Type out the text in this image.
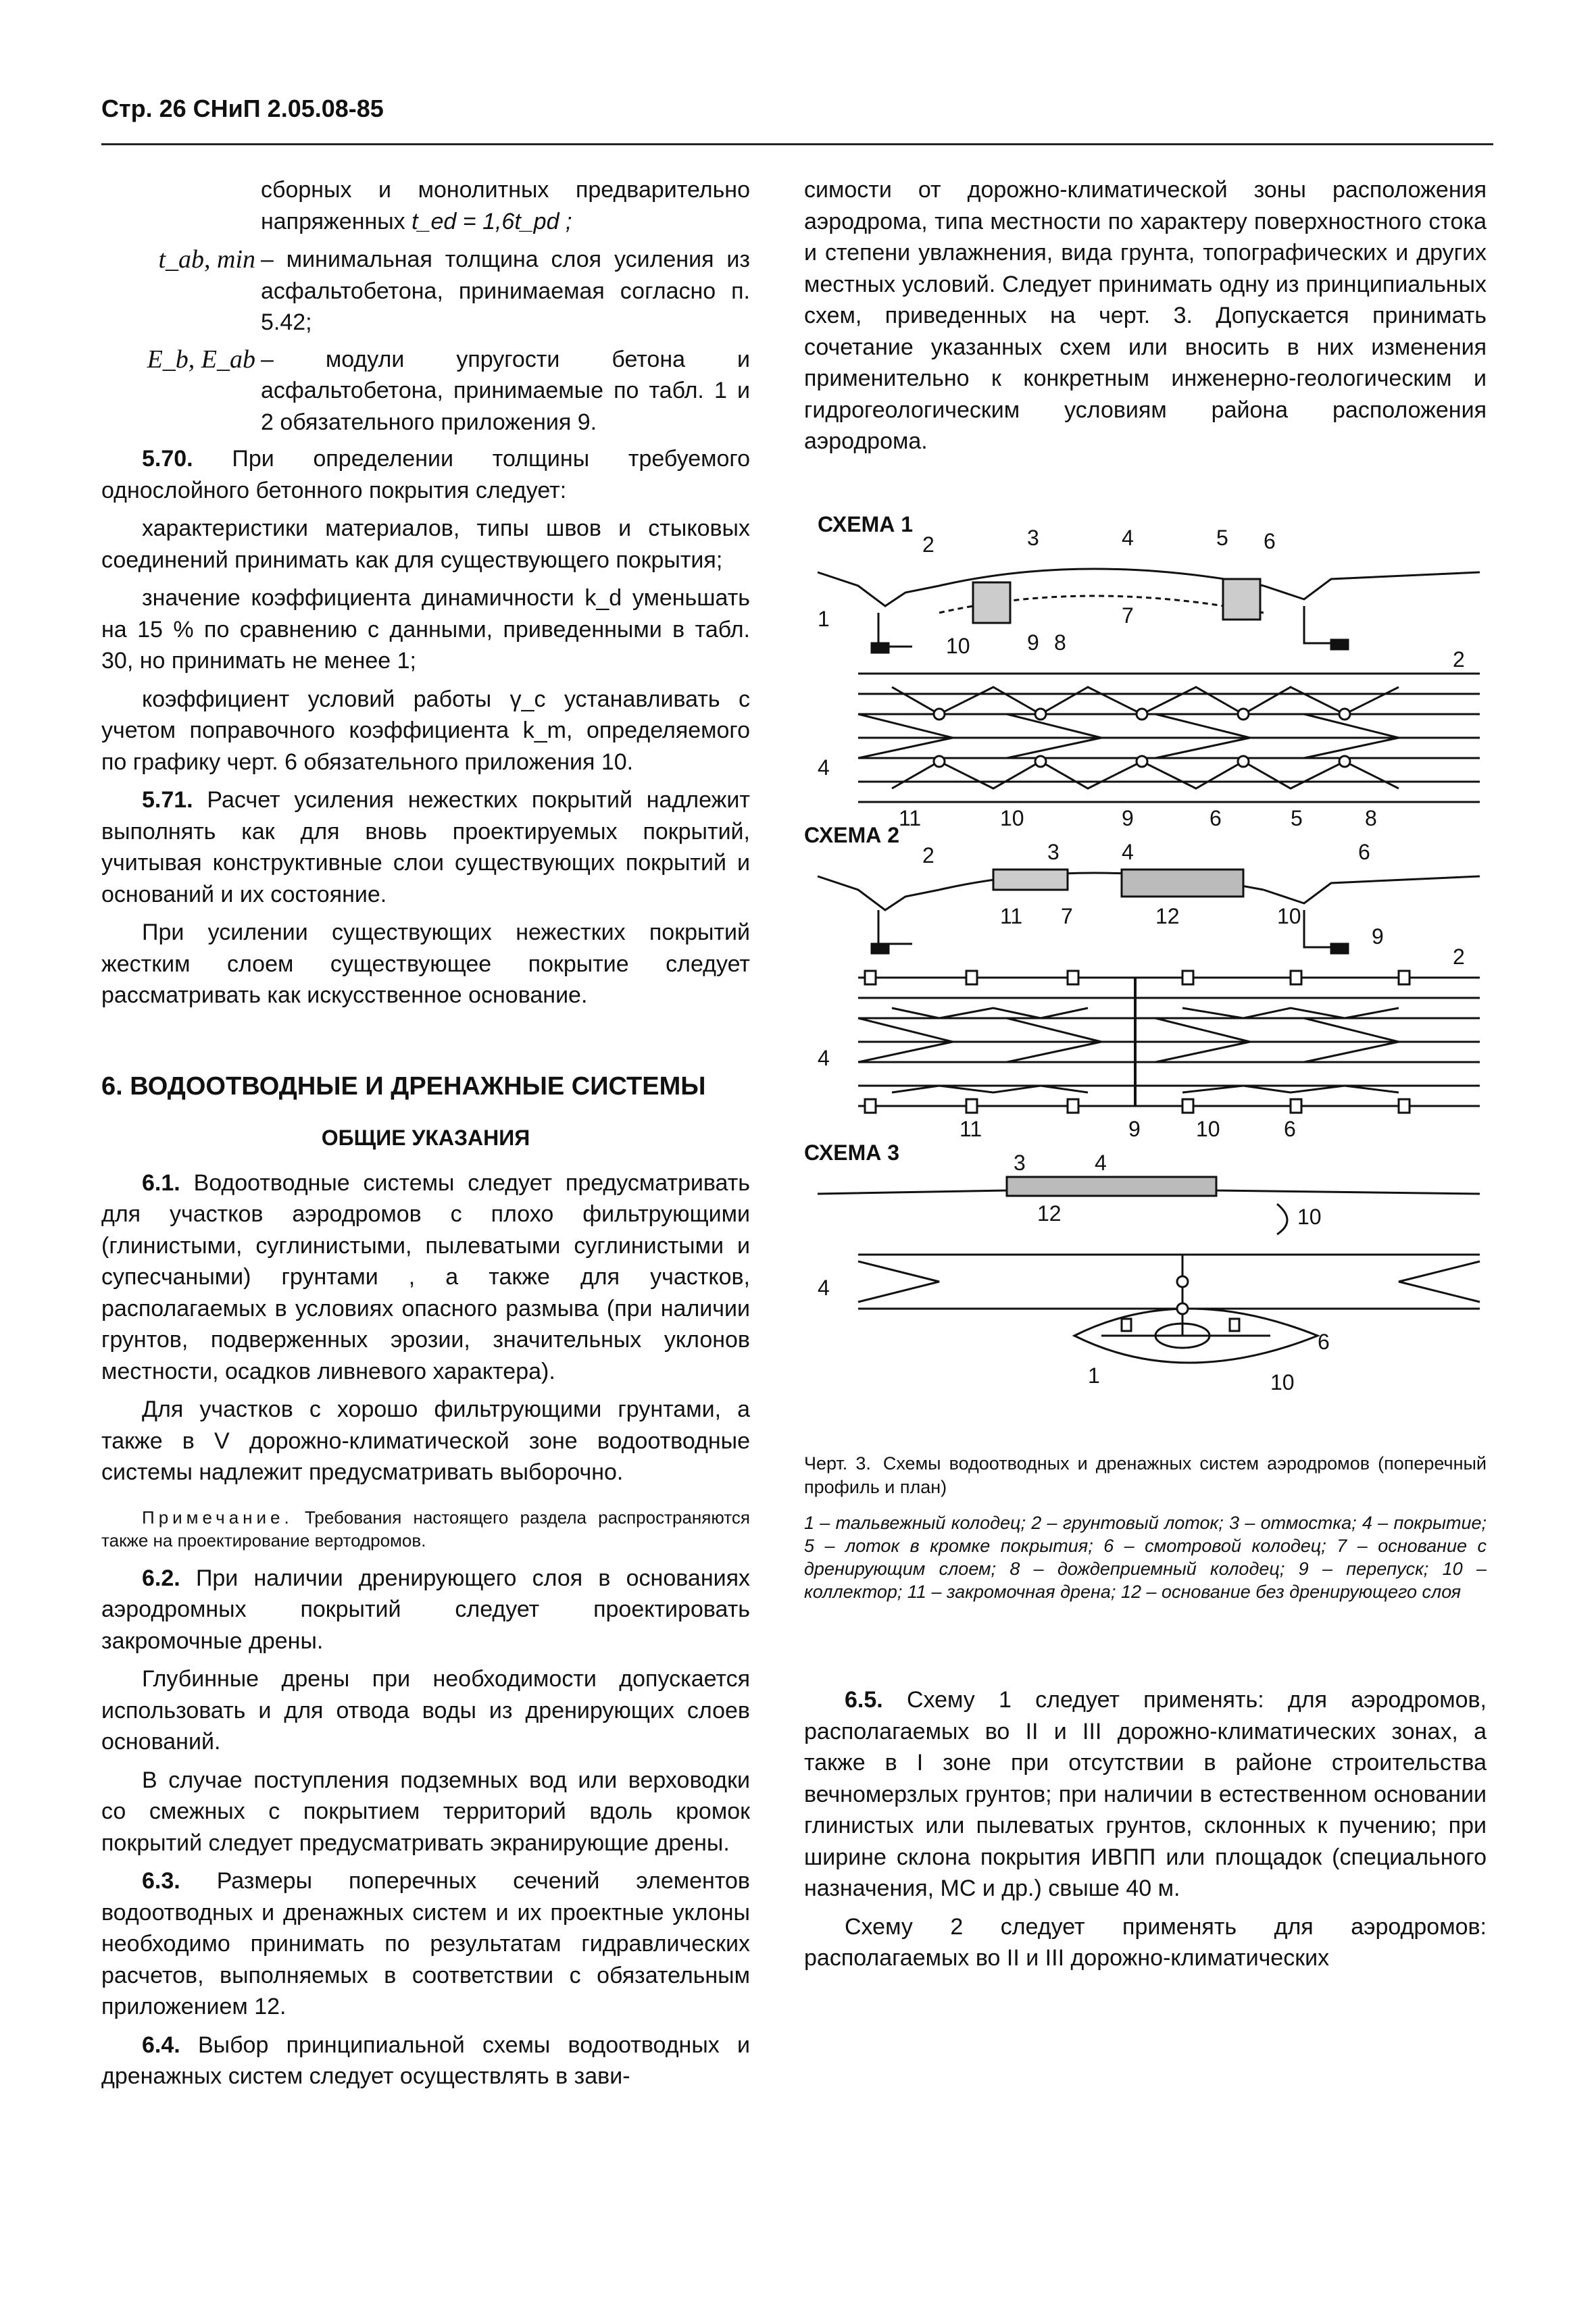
Стр. 26 СНиП 2.05.08-85

сборных и монолитных предварительно напряженных t_ed = 1,6t_pd ;

t_ab, min – минимальная толщина слоя усиления из асфальтобетона, принимаемая согласно п. 5.42;
E_b, E_ab – модули упругости бетона и асфальтобетона, принимаемые по табл. 1 и 2 обязательного приложения 9.

5.70. При определении толщины требуемого однослойного бетонного покрытия следует:

характеристики материалов, типы швов и стыковых соединений принимать как для существующего покрытия;

значение коэффициента динамичности k_d уменьшать на 15 % по сравнению с данными, приведенными в табл. 30, но принимать не менее 1;

коэффициент условий работы γ_c устанавливать с учетом поправочного коэффициента k_m, определяемого по графику черт. 6 обязательного приложения 10.

5.71. Расчет усиления нежестких покрытий надлежит выполнять как для вновь проектируемых покрытий, учитывая конструктивные слои существующих покрытий и оснований и их состояние.

При усилении существующих нежестких покрытий жестким слоем существующее покрытие следует рассматривать как искусственное основание.

6. ВОДООТВОДНЫЕ И ДРЕНАЖНЫЕ СИСТЕМЫ
ОБЩИЕ УКАЗАНИЯ

6.1. Водоотводные системы следует предусматривать для участков аэродромов с плохо фильтрующими (глинистыми, суглинистыми, пылеватыми суглинистыми и супесчаными) грунтами , а также для участков, располагаемых в условиях опасного размыва (при наличии грунтов, подверженных эрозии, значительных уклонов местности, осадков ливневого характера).

Для участков с хорошо фильтрующими грунтами, а также в V дорожно-климатической зоне водоотводные системы надлежит предусматривать выборочно.

Примечание. Требования настоящего раздела распространяются также на проектирование вертодромов.

6.2. При наличии дренирующего слоя в основаниях аэродромных покрытий следует проектировать закромочные дрены.

Глубинные дрены при необходимости допускается использовать и для отвода воды из дренирующих слоев оснований.

В случае поступления подземных вод или верховодки со смежных с покрытием территорий вдоль кромок покрытий следует предусматривать экранирующие дрены.

6.3. Размеры поперечных сечений элементов водоотводных и дренажных систем и их проектные уклоны необходимо принимать по результатам гидравлических расчетов, выполняемых в соответствии с обязательным приложением 12.

6.4. Выбор принципиальной схемы водоотводных и дренажных систем следует осуществлять в зави-

симости от дорожно-климатической зоны расположения аэродрома, типа местности по характеру поверхностного стока и степени увлажнения, вида грунта, топографических и других местных условий. Следует принимать одну из принципиальных схем, приведенных на черт. 3. Допускается принимать сочетание указанных схем или вносить в них изменения применительно к конкретным инженерно-геологическим и гидрогеологическим условиям района расположения аэродрома.

СХЕМА 1
СХЕМА 2
СХЕМА 3
2	3	4	5 6
1	7
9 8
10
2
4
11	10	9	6	5	8
2	3	4	6
2
11 7	12	10
9
4
11	9	10	6
3	4
12	10
4
1
6
10
Черт. 3. Схемы водоотводных и дренажных систем аэродромов (поперечный профиль и план)
1 – тальвежный колодец; 2 – грунтовый лоток; 3 – отмостка; 4 – покрытие; 5 – лоток в кромке покрытия; 6 – смотровой колодец; 7 – основание с дренирующим слоем; 8 – дождеприемный колодец; 9 – перепуск; 10 – коллектор; 11 – закромочная дрена; 12 – основание без дренирующего слоя

6.5. Схему 1 следует применять: для аэродромов, располагаемых во II и III дорожно-климатических зонах, а также в I зоне при отсутствии в районе строительства вечномерзлых грунтов; при наличии в естественном основании глинистых или пылеватых грунтов, склонных к пучению; при ширине склона покрытия ИВПП или площадок (специального назначения, МС и др.) свыше 40 м.

Схему 2 следует применять для аэродромов: располагаемых во II и III дорожно-климатических
